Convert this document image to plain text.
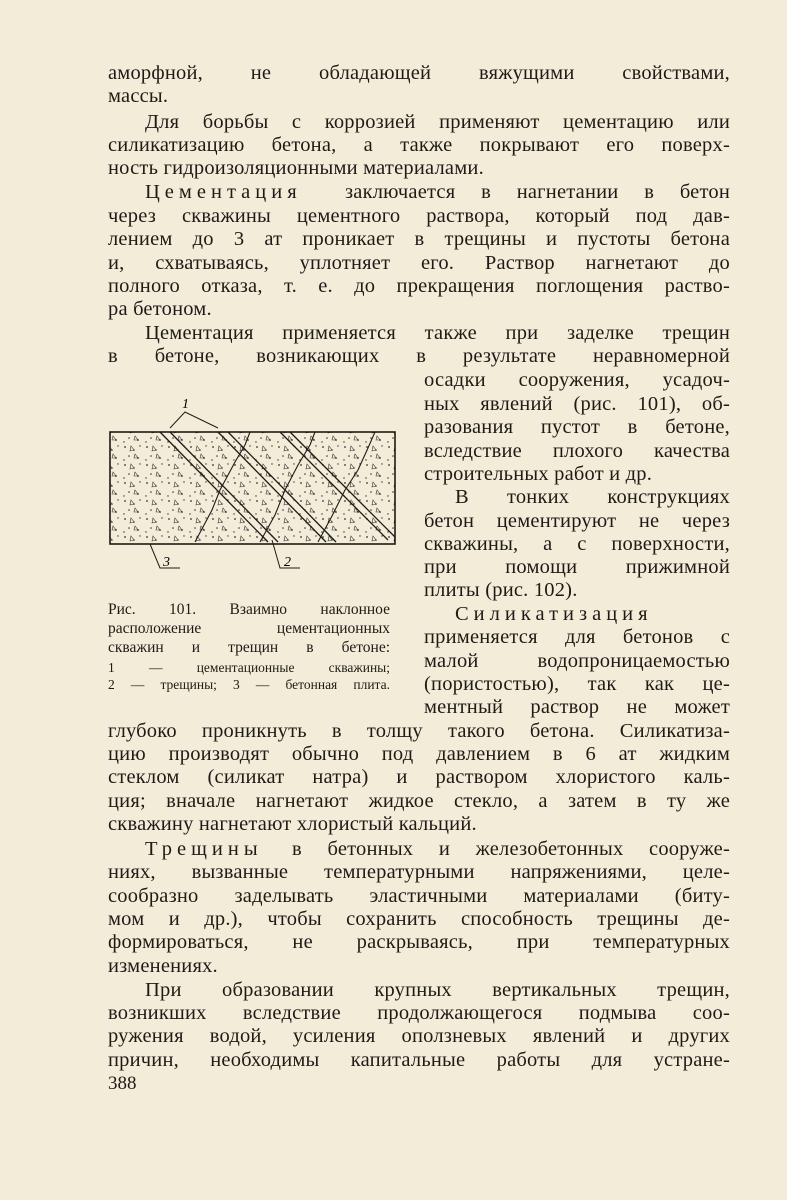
аморфной, не обладающей вяжущими свойствами,
массы.
Для борьбы с коррозией применяют цементацию или
силикатизацию бетона, а также покрывают его поверх-
ность гидроизоляционными материалами.
Цементация	заключается в нагнетании в бетон
через скважины цементного раствора, который под дав-
лением до 3 ат проникает в трещины и пустоты бетона
и, схватываясь, уплотняет его. Раствор нагнетают до
полного отказа, т. е. до прекращения поглощения раство-
ра бетоном.
Цементация применяется также при заделке трещин
в бетоне, возникающих в результате неравномерной
осадки сооружения, усадоч-
ных явлений (рис. 101), об-
разования пустот в бетоне,
вследствие плохого качества
строительных работ и др.
В тонких конструкциях
бетон цементируют не через
скважины, а с поверхности,
при помощи прижимной
плиты (рис. 102).
Силикатизация
применяется для бетонов с
малой водопроницаемостью
(пористостью), так как це-
ментный раствор не может
глубоко проникнуть в толщу такого бетона. Силикатиза-
цию производят обычно под давлением в 6 ат жидким
стеклом (силикат натра) и раствором хлористого каль-
ция; вначале нагнетают жидкое стекло, а затем в ту же
скважину нагнетают хлористый кальций.
Трещины	в бетонных и железобетонных сооруже-
ниях, вызванные температурными напряжениями, целе-
сообразно заделывать эластичными материалами (биту-
мом и др.), чтобы сохранить способность трещины де-
формироваться, не раскрываясь, при температурных
изменениях.
При образовании крупных вертикальных трещин,
возникших вследствие продолжающегося подмыва соо-
ружения водой, усиления оползневых явлений и других
причин, необходимы капитальные работы для устране-
1
3	2
Рис. 101. Взаимно наклонное
расположение цементационных
скважин и трещин в бетоне:
1 — цементационные скважины;
2 — трещины; 3 — бетонная плита.
388
